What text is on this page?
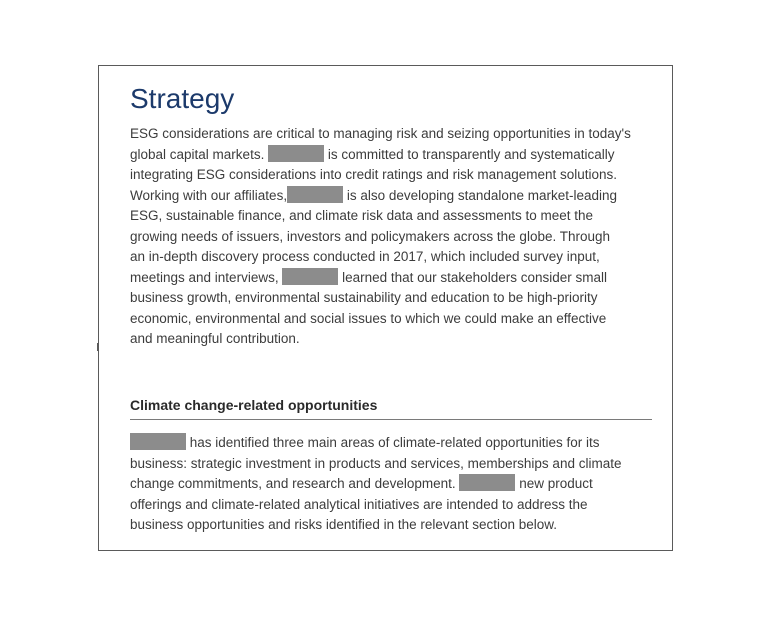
Strategy
ESG considerations are critical to managing risk and seizing opportunities in today's
global capital markets.	is committed to transparently and systematically
integrating ESG considerations into credit ratings and risk management solutions.
Working with our affiliates,	is also developing standalone market-leading
ESG, sustainable finance, and climate risk data and assessments to meet the
growing needs of issuers, investors and policymakers across the globe. Through
an in-depth discovery process conducted in 2017, which included survey input,
meetings and interviews,	learned that our stakeholders consider small
business growth, environmental sustainability and education to be high-priority
economic, environmental and social issues to which we could make an effective
and meaningful contribution.
Climate change-related opportunities
has identified three main areas of climate-related opportunities for its
business: strategic investment in products and services, memberships and climate
change commitments, and research and development.	new product
offerings and climate-related analytical initiatives are intended to address the
business opportunities and risks identified in the relevant section below.
